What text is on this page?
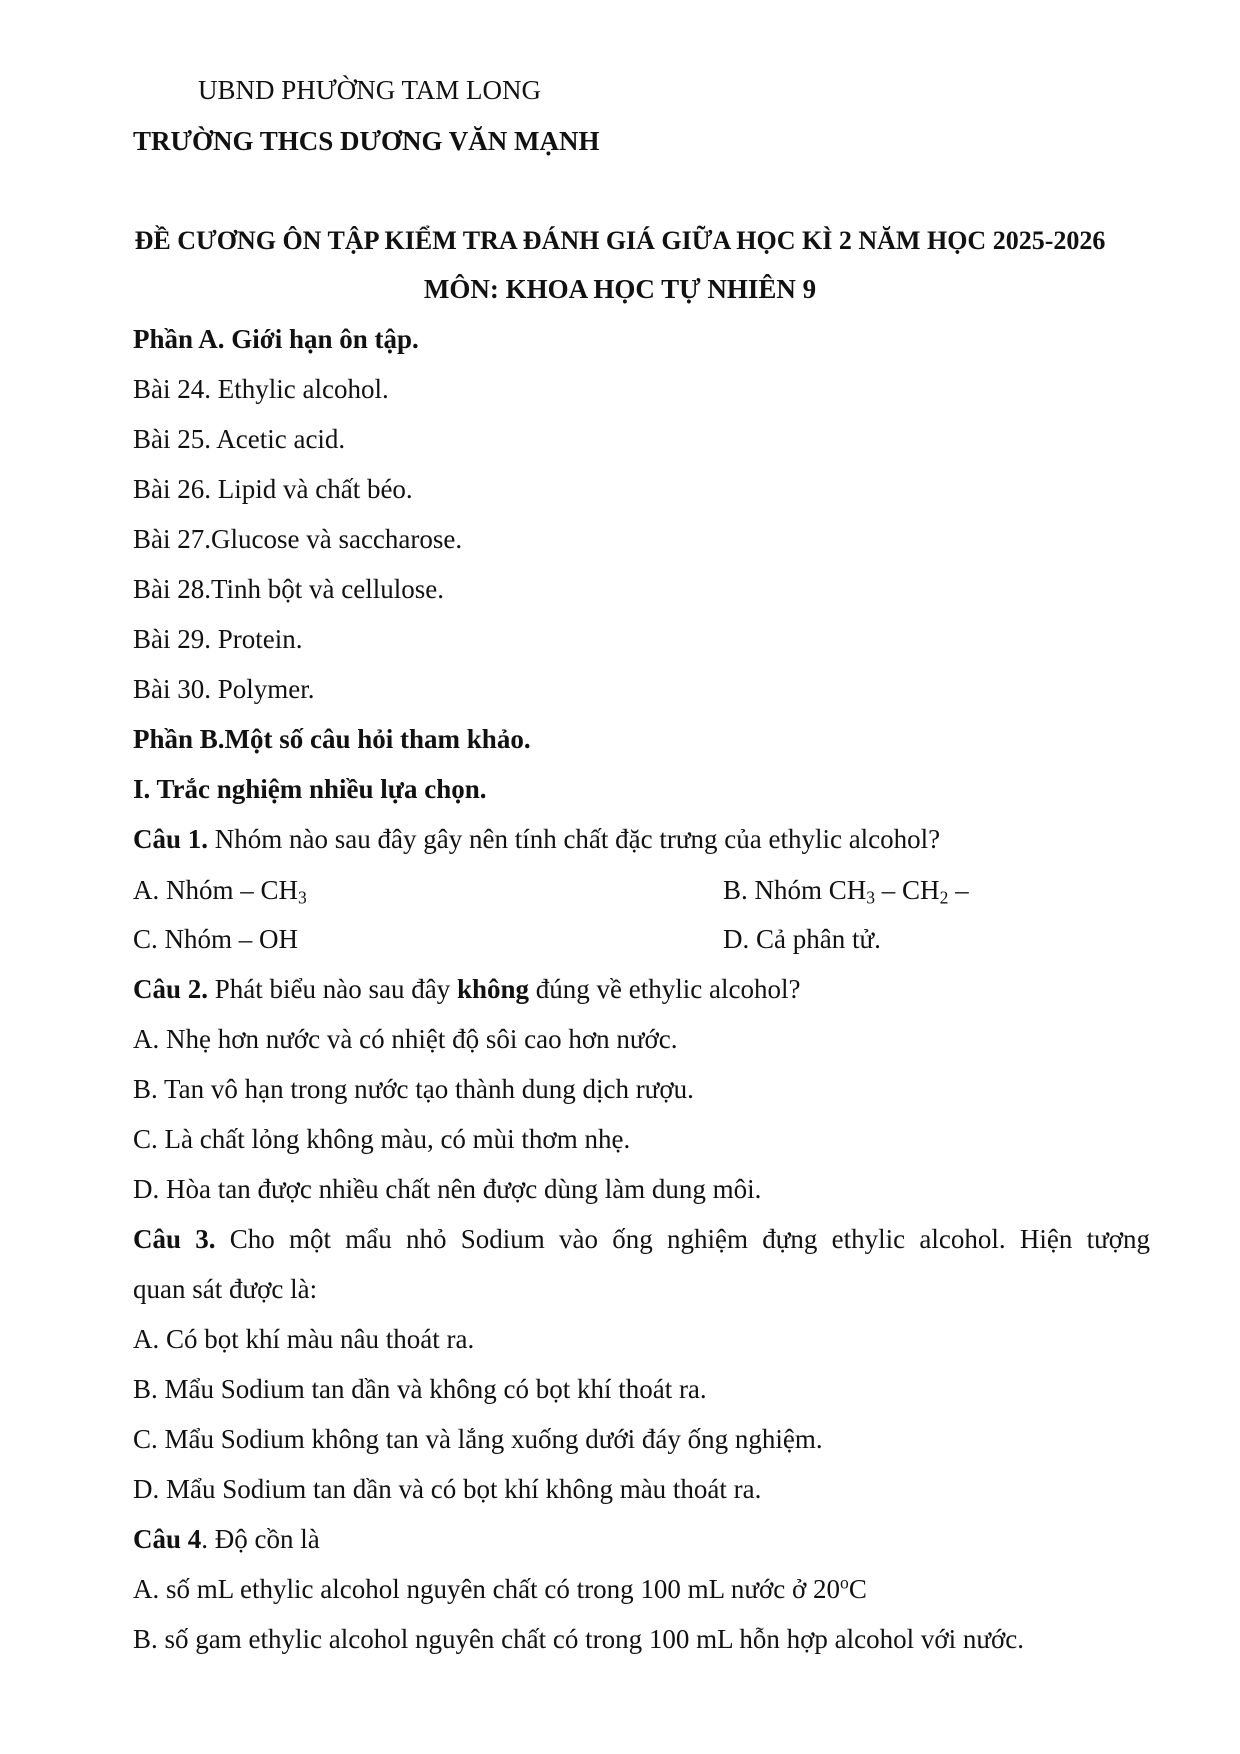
UBND PHƯỜNG TAM LONG
TRƯỜNG THCS DƯƠNG VĂN MẠNH
ĐỀ CƯƠNG ÔN TẬP KIỂM TRA ĐÁNH GIÁ GIỮA HỌC KÌ 2 NĂM HỌC 2025-2026
MÔN: KHOA HỌC TỰ NHIÊN 9
Phần A. Giới hạn ôn tập.
Bài 24. Ethylic alcohol.
Bài 25. Acetic acid.
Bài 26. Lipid và chất béo.
Bài 27.Glucose và saccharose.
Bài 28.Tinh bột và cellulose.
Bài 29. Protein.
Bài 30. Polymer.
Phần B.Một số câu hỏi tham khảo.
I. Trắc nghiệm nhiều lựa chọn.
Câu 1. Nhóm nào sau đây gây nên tính chất đặc trưng của ethylic alcohol?
A. Nhóm – $CH_3$	B. Nhóm $CH_3 - CH_2$ –
C. Nhóm – OH	D. Cả phân tử.
Câu 2. Phát biểu nào sau đây không đúng về ethylic alcohol?
A. Nhẹ hơn nước và có nhiệt độ sôi cao hơn nước.
B. Tan vô hạn trong nước tạo thành dung dịch rượu.
C. Là chất lỏng không màu, có mùi thơm nhẹ.
D. Hòa tan được nhiều chất nên được dùng làm dung môi.
Câu 3. Cho một mẩu nhỏ Sodium vào ống nghiệm đựng ethylic alcohol. Hiện tượng
quan sát được là:
A. Có bọt khí màu nâu thoát ra.
B. Mẩu Sodium tan dần và không có bọt khí thoát ra.
C. Mẩu Sodium không tan và lắng xuống dưới đáy ống nghiệm.
D. Mẩu Sodium tan dần và có bọt khí không màu thoát ra.
Câu 4. Độ cồn là
A. số mL ethylic alcohol nguyên chất có trong 100 mL nước ở 20$^o$C
B. số gam ethylic alcohol nguyên chất có trong 100 mL hỗn hợp alcohol với nước.
